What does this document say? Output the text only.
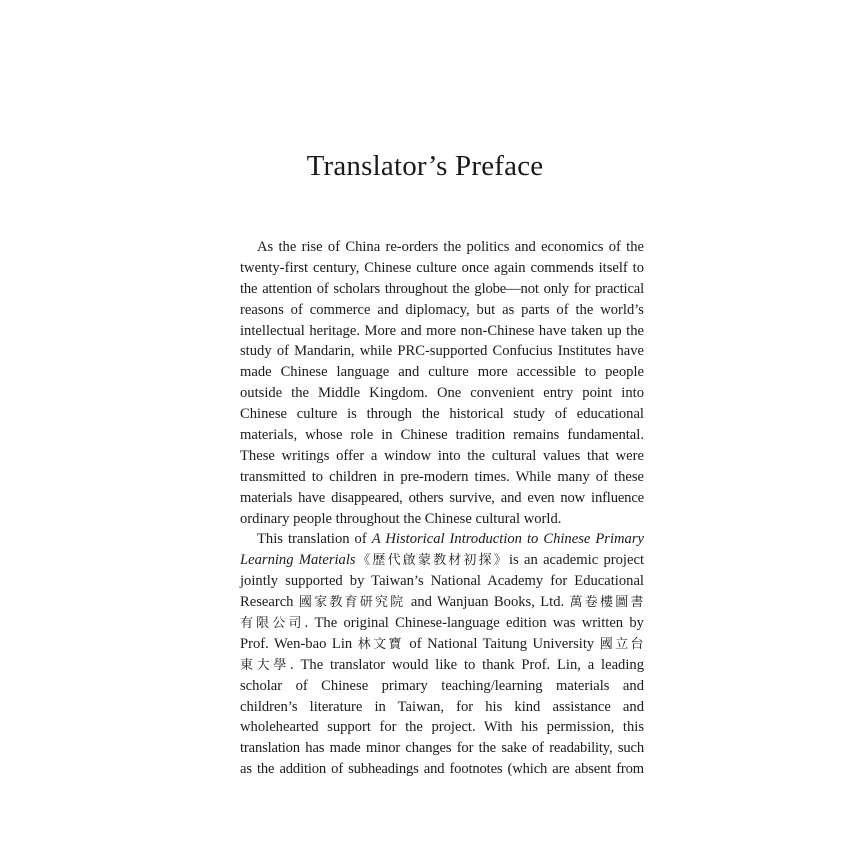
Translator’s Preface
As the rise of China re-orders the politics and economics of the
twenty-first century, Chinese culture once again commends itself to
the attention of scholars throughout the globe—not only for practical
reasons of commerce and diplomacy, but as parts of the world’s
intellectual heritage. More and more non-Chinese have taken up the
study of Mandarin, while PRC-supported Confucius Institutes have
made Chinese language and culture more accessible to people
outside the Middle Kingdom. One convenient entry point into
Chinese culture is through the historical study of educational
materials, whose role in Chinese tradition remains fundamental.
These writings offer a window into the cultural values that were
transmitted to children in pre-modern times. While many of these
materials have disappeared, others survive, and even now influence
ordinary people throughout the Chinese cultural world.
This translation of A Historical Introduction to Chinese Primary
Learning Materials《歷代啟蒙教材初探》is an academic project
jointly supported by Taiwan’s National Academy for Educational
Research 國家教育研究院 and Wanjuan Books, Ltd. 萬卷樓圖書
有限公司. The original Chinese-language edition was written by
Prof. Wen-bao Lin 林文寶 of National Taitung University 國立台
東大學. The translator would like to thank Prof. Lin, a leading
scholar of Chinese primary teaching/learning materials and
children’s literature in Taiwan, for his kind assistance and
wholehearted support for the project. With his permission, this
translation has made minor changes for the sake of readability, such
as the addition of subheadings and footnotes (which are absent from
